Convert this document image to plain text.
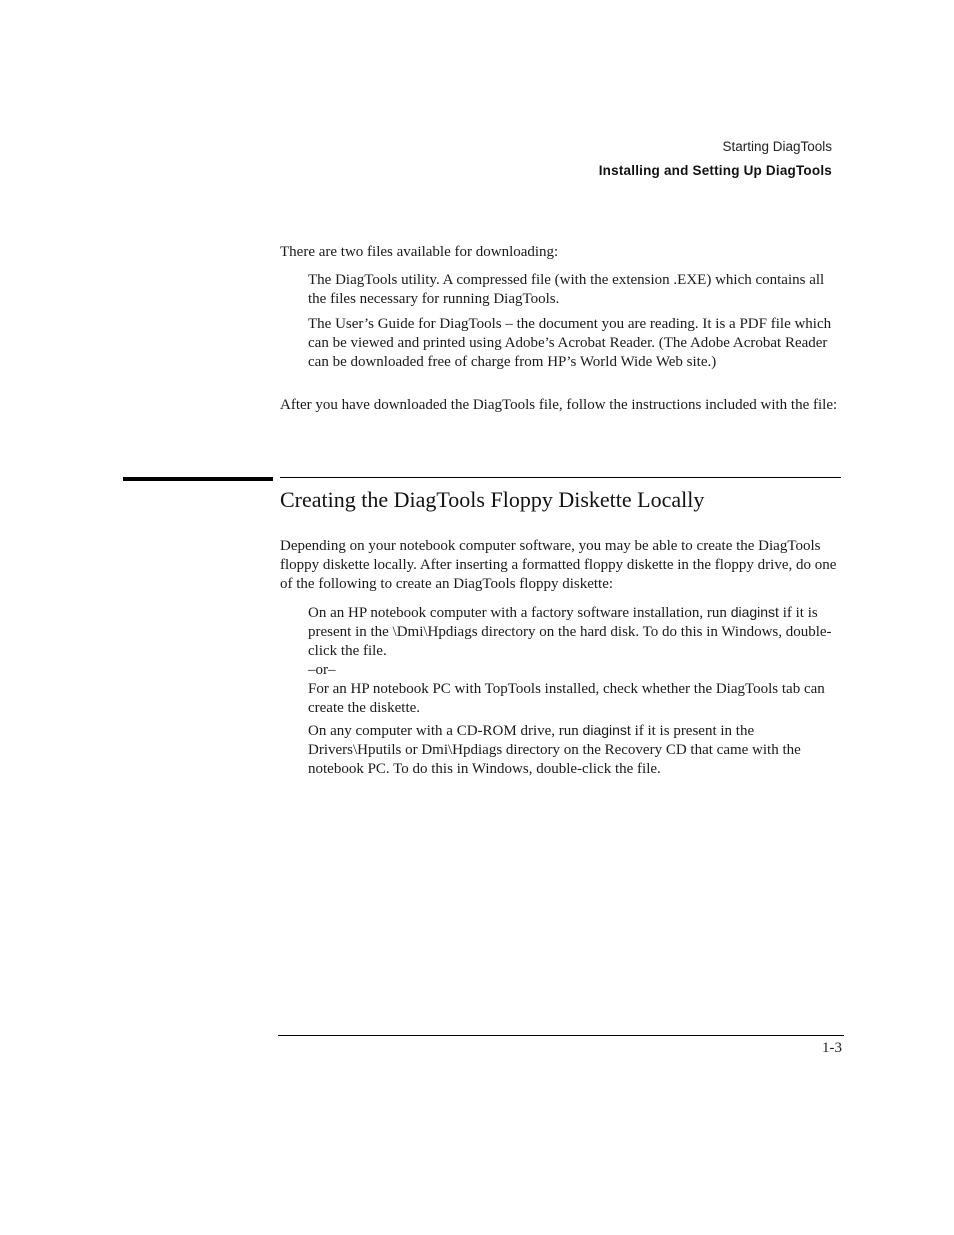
Starting DiagTools
Installing and Setting Up DiagTools

There are two files available for downloading:

The DiagTools utility. A compressed file (with the extension .EXE) which contains all the files necessary for running DiagTools.

The User’s Guide for DiagTools – the document you are reading. It is a PDF file which can be viewed and printed using Adobe’s Acrobat Reader. (The Adobe Acrobat Reader can be downloaded free of charge from HP’s World Wide Web site.)

After you have downloaded the DiagTools file, follow the instructions included with the file:

Creating the DiagTools Floppy Diskette Locally

Depending on your notebook computer software, you may be able to create the DiagTools floppy diskette locally. After inserting a formatted floppy diskette in the floppy drive, do one of the following to create an DiagTools floppy diskette:

On an HP notebook computer with a factory software installation, run diaginst if it is present in the \Dmi\Hpdiags directory on the hard disk. To do this in Windows, double-click the file.
–or–
For an HP notebook PC with TopTools installed, check whether the DiagTools tab can create the diskette.
On any computer with a CD-ROM drive, run diaginst if it is present in the Drivers\Hputils or Dmi\Hpdiags directory on the Recovery CD that came with the notebook PC. To do this in Windows, double-click the file.
1-3
